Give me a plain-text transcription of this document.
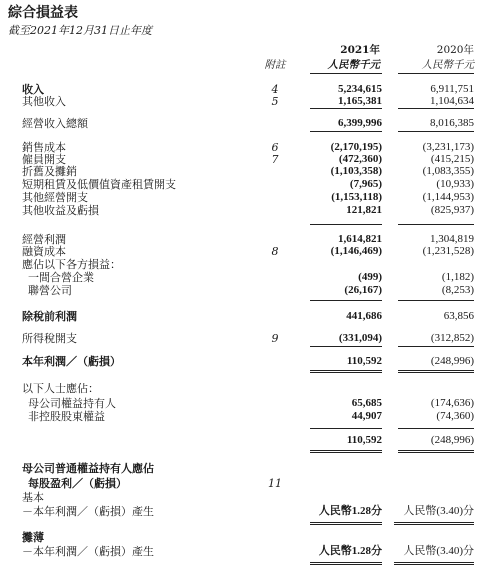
綜合損益表
截至2021年12月31日止年度
附註
2021年
人民幣千元
2020年
人民幣千元
收入	4	5,234,615	6,911,751
其他收入	5	1,165,381	1,104,634
經營收入總額	6,399,996	8,016,385
銷售成本	6	(2,170,195)	(3,231,173)
僱員開支	7	(472,360)	(415,215)
折舊及攤銷	(1,103,358)	(1,083,355)
短期租賃及低價值資產租賃開支	(7,965)	(10,933)
其他經營開支	(1,153,118)	(1,144,953)
其他收益及虧損	121,821	(825,937)
經營利潤	1,614,821	1,304,819
融資成本	8	(1,146,469)	(1,231,528)
應佔以下各方損益：
一間合營企業	(499)	(1,182)
聯營公司	(26,167)	(8,253)
除稅前利潤	441,686	63,856
所得稅開支	9	(331,094)	(312,852)
本年利潤／（虧損）	110,592	(248,996)
以下人士應佔：
母公司權益持有人	65,685	(174,636)
非控股股東權益	44,907	(74,360)
110,592	(248,996)
母公司普通權益持有人應佔
每股盈利／（虧損）	11
基本
－本年利潤／（虧損）產生	人民幣1.28分	人民幣(3.40)分
攤薄
－本年利潤／（虧損）產生	人民幣1.28分	人民幣(3.40)分
